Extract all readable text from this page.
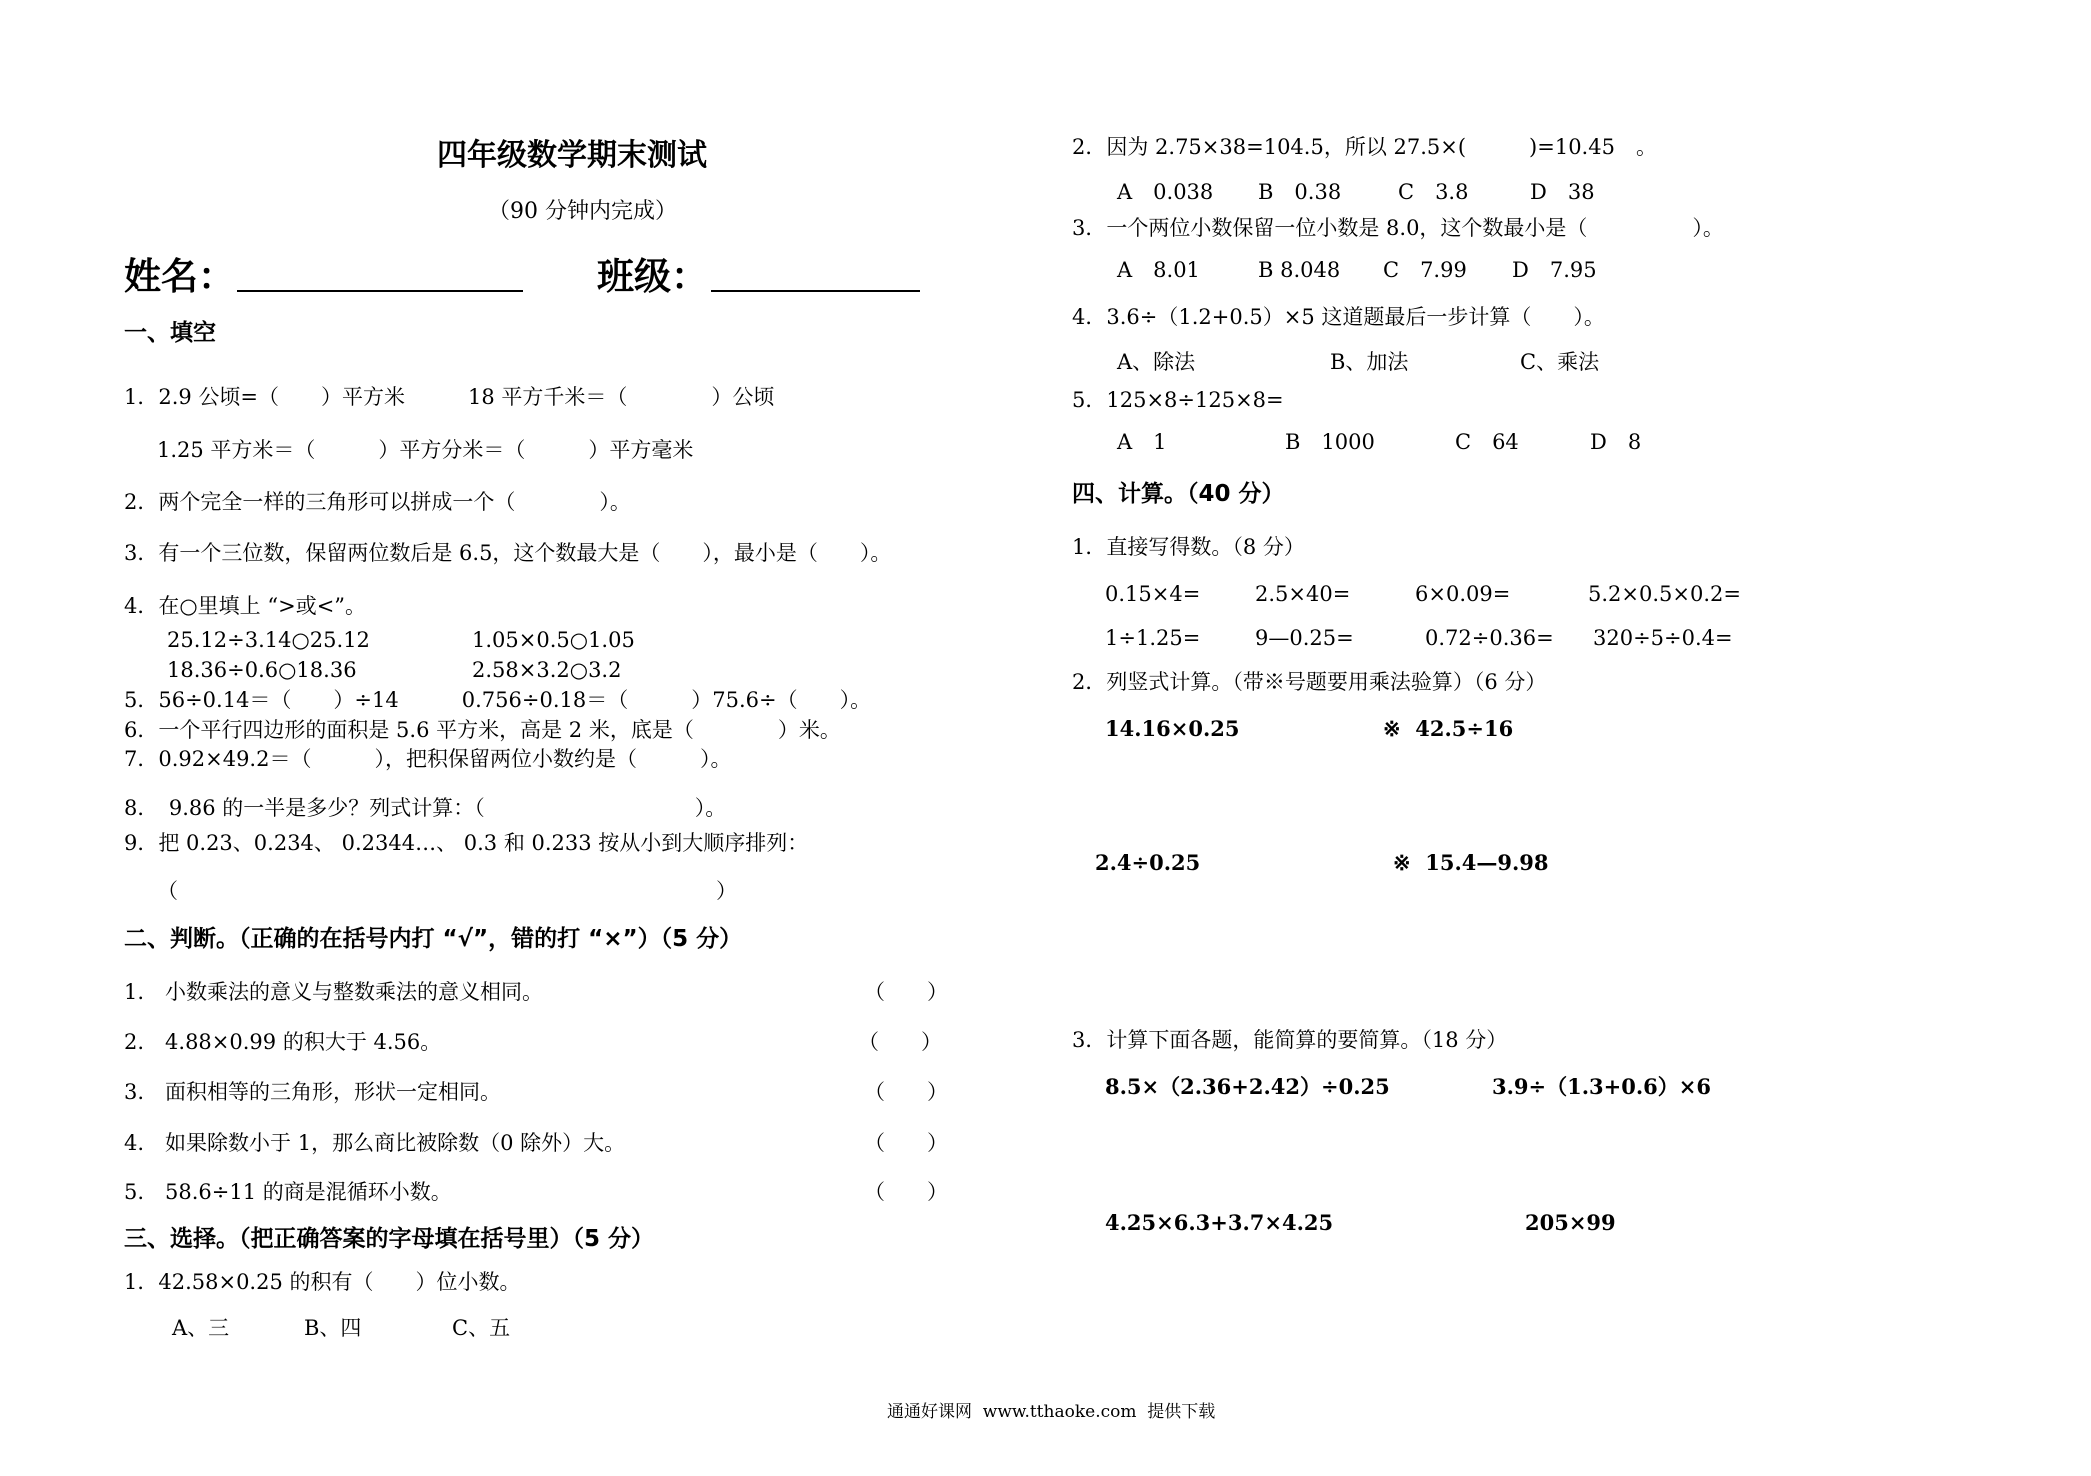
四年级数学期末测试
（90 分钟内完成）
姓名：	班级：
一、填空
1．2.9 公顷=（　　）平方米　　　18 平方千米＝（　　　　）公顷
1.25 平方米＝（　　　）平方分米＝（　　　）平方毫米
2．两个完全一样的三角形可以拼成一个（　　　　）。
3．有一个三位数，保留两位数后是 6.5，这个数最大是（　　），最小是（　　）。
4．在○里填上 “>或<”。
25.12÷3.14○25.12	1.05×0.5○1.05
18.36÷0.6○18.36	2.58×3.2○3.2
5．56÷0.14＝（　　）÷14　　　0.756÷0.18＝（　　　）75.6÷（　　）。
6．一个平行四边形的面积是 5.6 平方米，高是 2 米，底是（　　　　）米。
7．0.92×49.2＝（　　　），把积保留两位小数约是（　　　）。
8．　9.86 的一半是多少？列式计算：（　　　　　　　　　　）。
9．把 0.23、0.234、 0.2344…、 0.3 和 0.233 按从小到大顺序排列：
（	）
二、判断。（正确的在括号内打 “√”，错的打 “×”）（5 分）
1.　小数乘法的意义与整数乘法的意义相同。	（　　）
2.　4.88×0.99 的积大于 4.56。	（　　）
3.　面积相等的三角形，形状一定相同。	（　　）
4.　如果除数小于 1，那么商比被除数（0 除外）大。	（　　）
5.　58.6÷11 的商是混循环小数。	（　　）
三、选择。（把正确答案的字母填在括号里）（5 分）
1．42.58×0.25 的积有（　　）位小数。
A、三	B、四	C、五
2．因为 2.75×38=104.5，所以 27.5×(　　　)=10.45　。
A　0.038 B　0.38	C　3.8	D　38
3．一个两位小数保留一位小数是 8.0，这个数最小是（　　　　　）。
A　8.01	B 8.048 C　7.99 D　7.95
4．3.6÷（1.2+0.5）×5 这道题最后一步计算（　　）。
A、除法	B、加法	C、乘法
5．125×8÷125×8=
A　1	B　1000	C　64	D　8
四、计算。（40 分）
1．直接写得数。（8 分）
0.15×4=	2.5×40=	6×0.09=	5.2×0.5×0.2=
1÷1.25=	9—0.25=	0.72÷0.36= 320÷5÷0.4=
2．列竖式计算。（带※号题要用乘法验算）（6 分）
14.16×0.25	※  42.5÷16
2.4÷0.25	※  15.4—9.98
3．计算下面各题，能简算的要简算。（18 分）
8.5×（2.36+2.42）÷0.25	3.9÷（1.3+0.6）×6
4.25×6.3+3.7×4.25	205×99
通通好课网  www.tthaoke.com  提供下载
